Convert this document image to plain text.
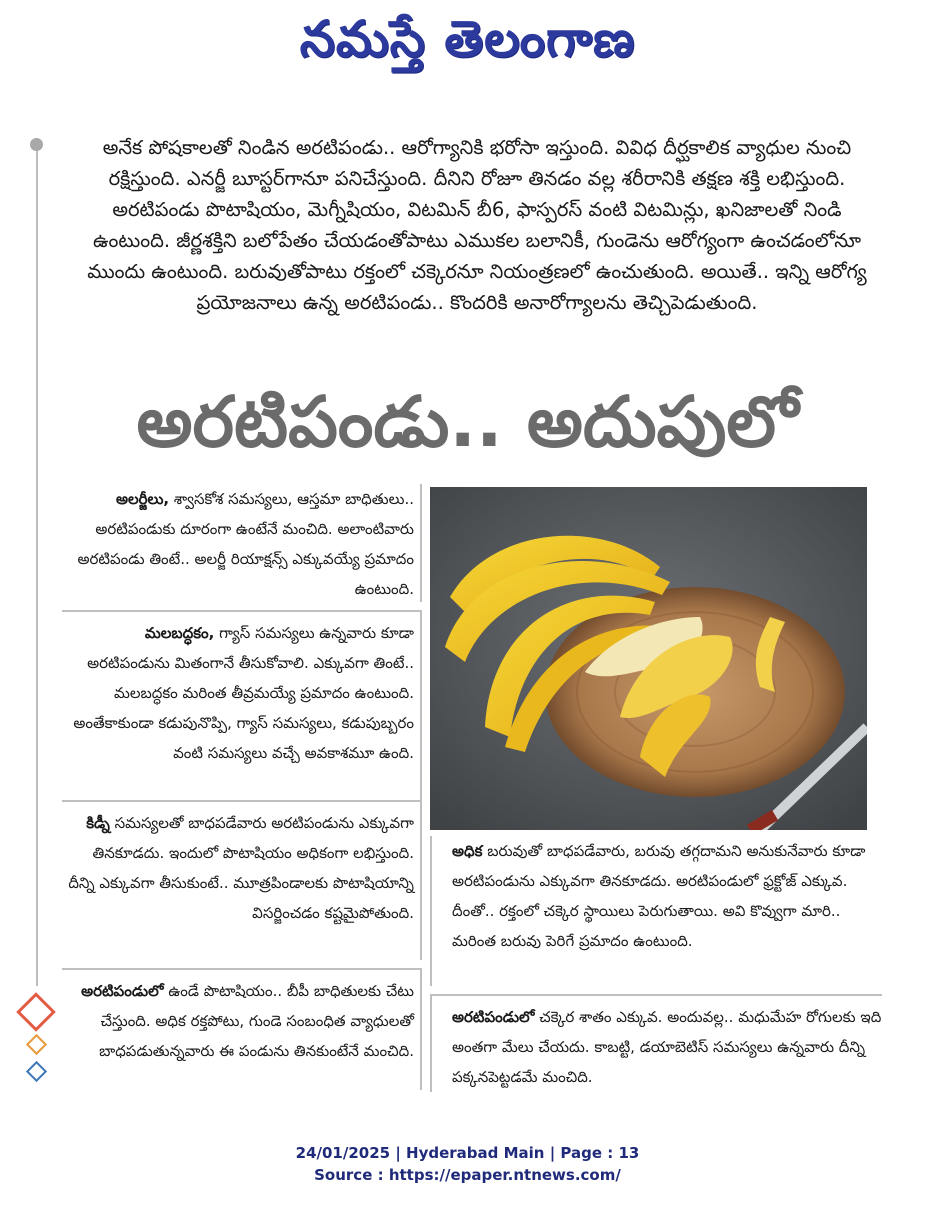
నమస్తే తెలంగాణ

అనేక పోషకాలతో నిండిన అరటిపండు.. ఆరోగ్యానికి భరోసా ఇస్తుంది. వివిధ దీర్ఘకాలిక వ్యాధుల నుంచి రక్షిస్తుంది. ఎనర్జీ బూస్టర్‌గానూ పనిచేస్తుంది. దీనిని రోజూ తినడం వల్ల శరీరానికి తక్షణ శక్తి లభిస్తుంది. అరటిపండు పొటాషియం, మెగ్నీషియం, విటమిన్ బీ6, ఫాస్పరస్ వంటి విటమిన్లు, ఖనిజాలతో నిండి ఉంటుంది. జీర్ణశక్తిని బలోపేతం చేయడంతోపాటు ఎముకల బలానికీ, గుండెను ఆరోగ్యంగా ఉంచడంలోనూ ముందు ఉంటుంది. బరువుతోపాటు రక్తంలో చక్కెరనూ నియంత్రణలో ఉంచుతుంది. అయితే.. ఇన్ని ఆరోగ్య ప్రయోజనాలు ఉన్న అరటిపండు.. కొందరికి అనారోగ్యాలను తెచ్చిపెడుతుంది.

అరటిపండు.. అదుపులో

అలర్జీలు, శ్వాసకోశ సమస్యలు, ఆస్తమా బాధితులు.. అరటిపండుకు దూరంగా ఉంటేనే మంచిది. అలాంటివారు అరటిపండు తింటే.. అలర్జీ రియాక్షన్స్ ఎక్కువయ్యే ప్రమాదం ఉంటుంది.

మలబద్ధకం, గ్యాస్ సమస్యలు ఉన్నవారు కూడా అరటిపండును మితంగానే తీసుకోవాలి. ఎక్కువగా తింటే.. మలబద్ధకం మరింత తీవ్రమయ్యే ప్రమాదం ఉంటుంది. అంతేకాకుండా కడుపునొప్పి, గ్యాస్ సమస్యలు, కడుపుబ్బరం వంటి సమస్యలు వచ్చే అవకాశమూ ఉంది.

కిడ్నీ సమస్యలతో బాధపడేవారు అరటిపండును ఎక్కువగా తినకూడదు. ఇందులో పొటాషియం అధికంగా లభిస్తుంది. దీన్ని ఎక్కువగా తీసుకుంటే.. మూత్రపిండాలకు పొటాషియాన్ని విసర్జించడం కష్టమైపోతుంది.

అరటిపండులో ఉండే పొటాషియం.. బీపీ బాధితులకు చేటు చేస్తుంది. అధిక రక్తపోటు, గుండె సంబంధిత వ్యాధులతో బాధపడుతున్నవారు ఈ పండును తినకుంటేనే మంచిది.

అధిక బరువుతో బాధపడేవారు, బరువు తగ్గదామని అనుకునేవారు కూడా అరటిపండును ఎక్కువగా తినకూడదు. అరటిపండులో ఫ్రక్టోజ్ ఎక్కువ. దీంతో.. రక్తంలో చక్కెర స్థాయిలు పెరుగుతాయి. అవి కొవ్వుగా మారి.. మరింత బరువు పెరిగే ప్రమాదం ఉంటుంది.

అరటిపండులో చక్కెర శాతం ఎక్కువ. అందువల్ల.. మధుమేహ రోగులకు ఇది అంతగా మేలు చేయదు. కాబట్టి, డయాబెటిస్ సమస్యలు ఉన్నవారు దీన్ని పక్కనపెట్టడమే మంచిది.

24/01/2025 | Hyderabad Main | Page : 13
Source : https://epaper.ntnews.com/
